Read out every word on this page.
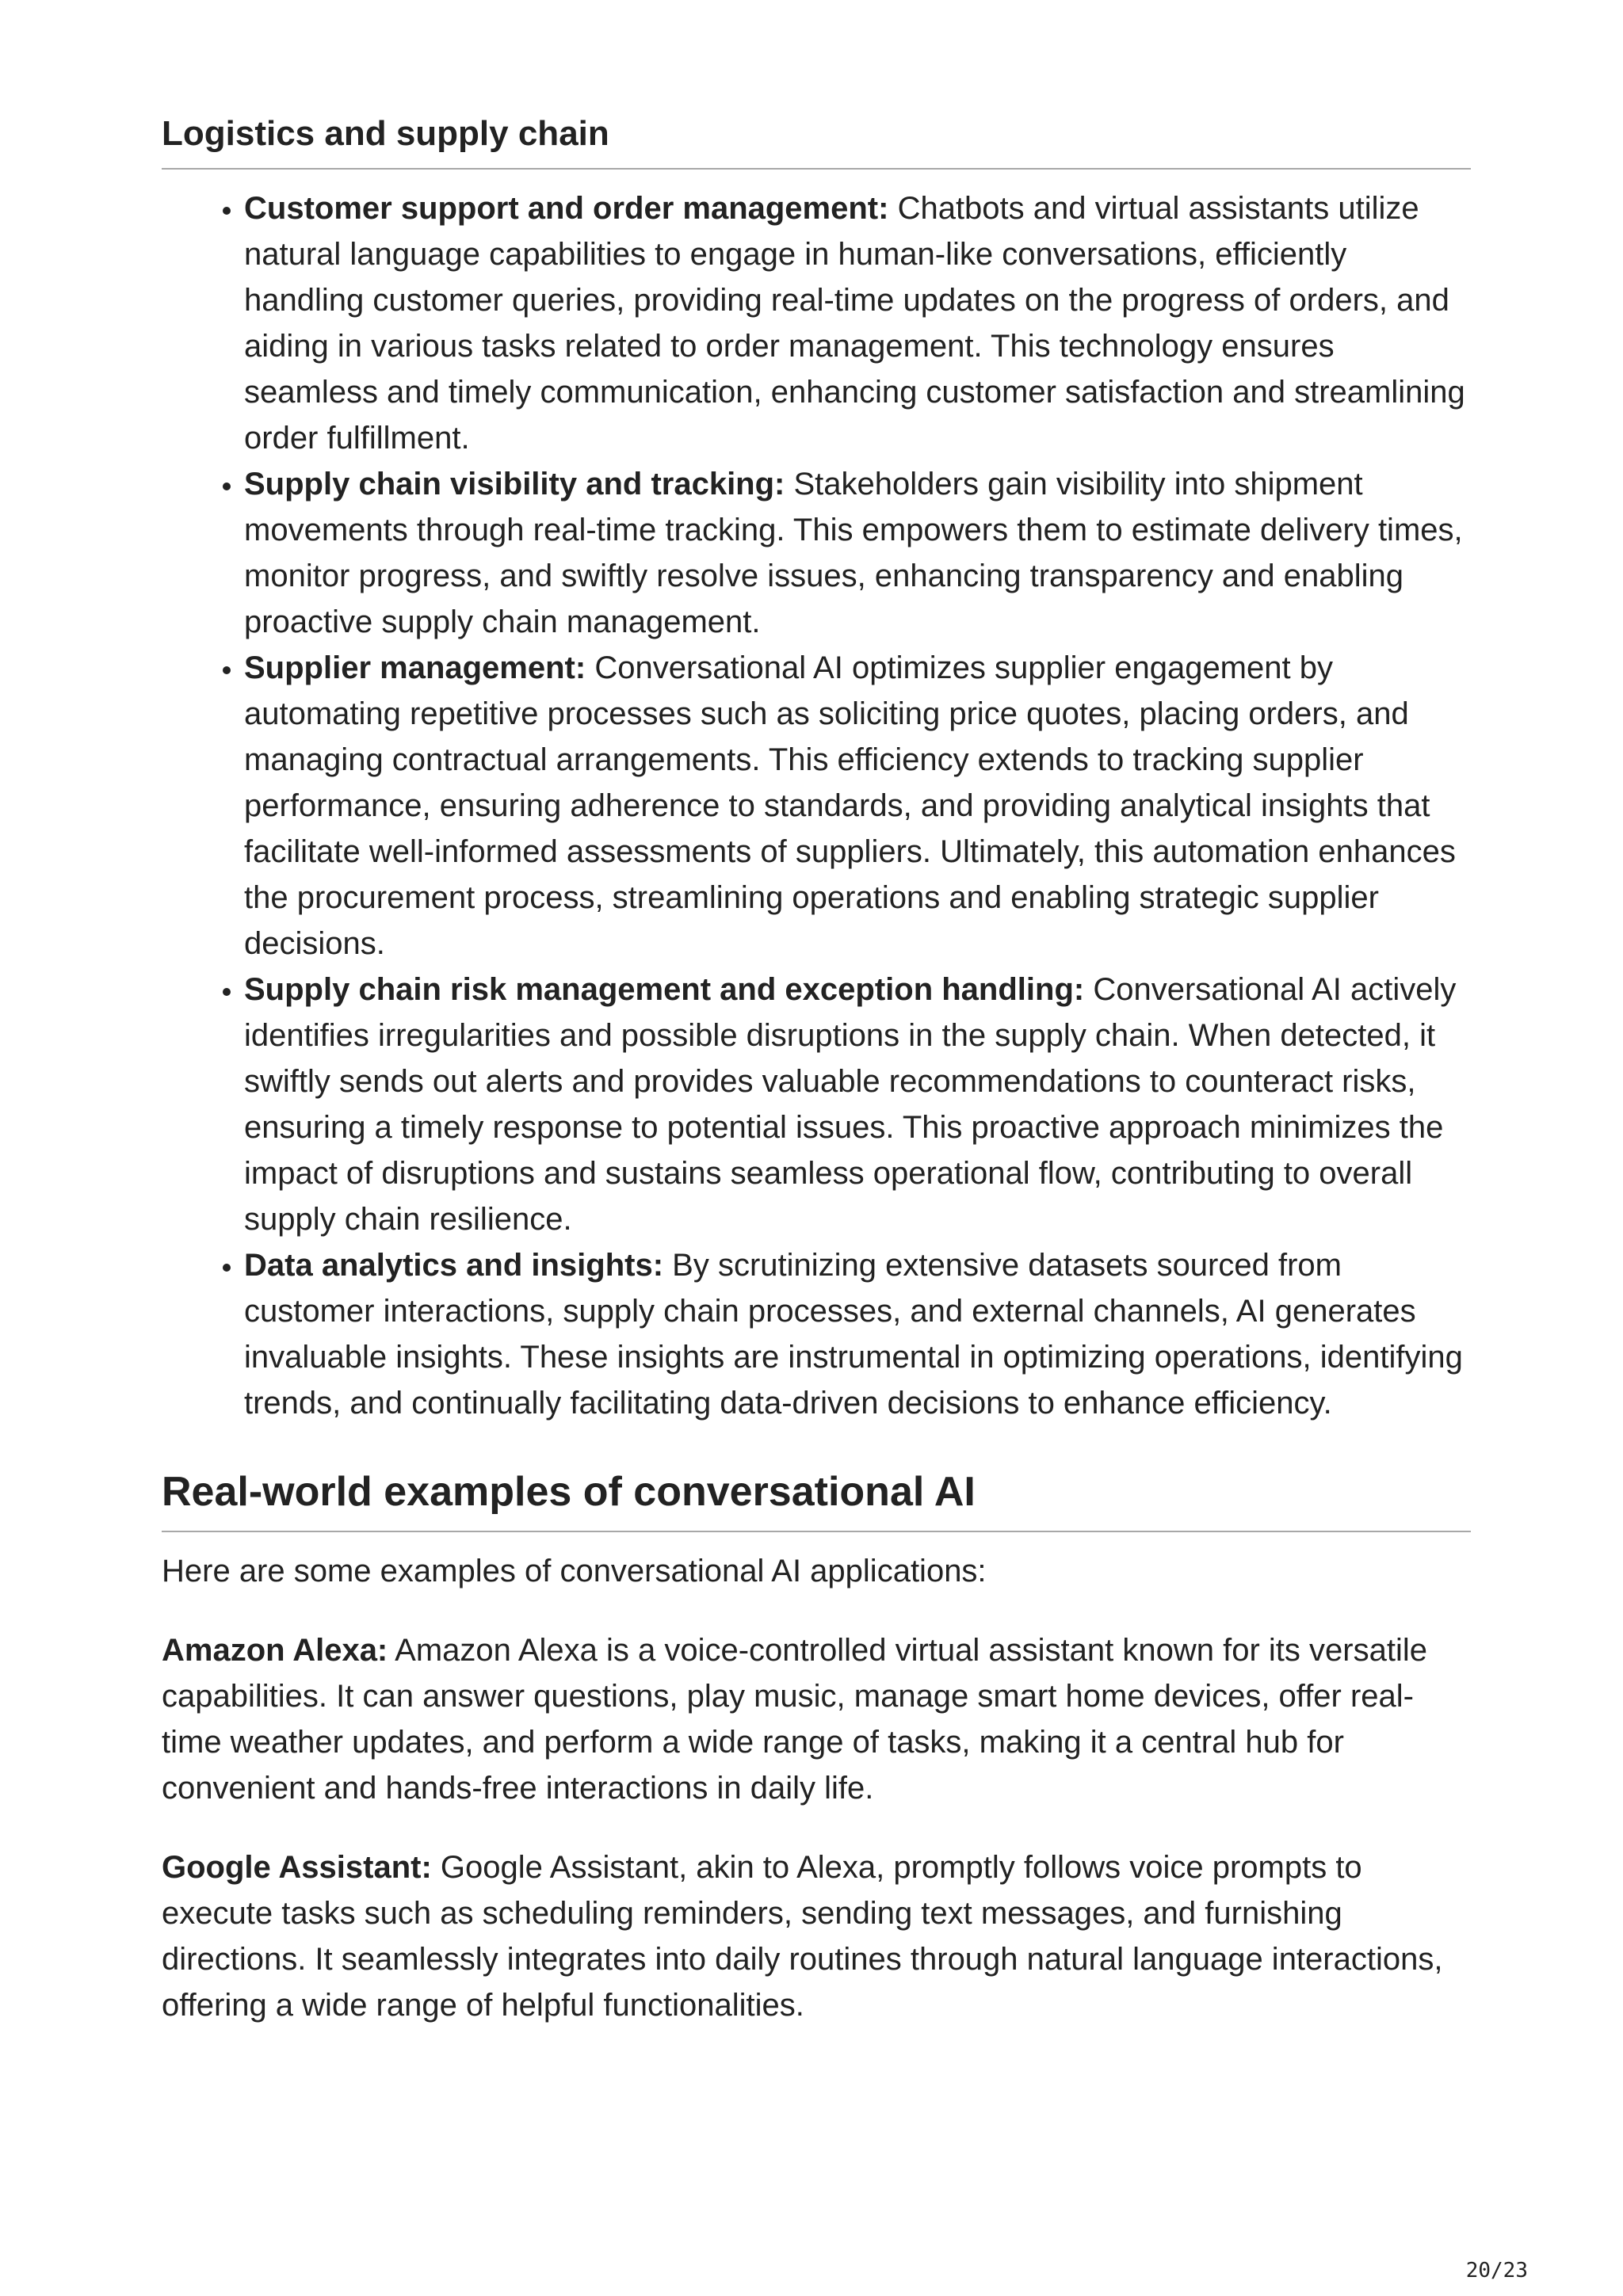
Logistics and supply chain
• Customer support and order management: Chatbots and virtual assistants utilize natural language capabilities to engage in human-like conversations, efficiently handling customer queries, providing real-time updates on the progress of orders, and aiding in various tasks related to order management. This technology ensures seamless and timely communication, enhancing customer satisfaction and streamlining order fulfillment.
• Supply chain visibility and tracking: Stakeholders gain visibility into shipment movements through real-time tracking. This empowers them to estimate delivery times, monitor progress, and swiftly resolve issues, enhancing transparency and enabling proactive supply chain management.
• Supplier management: Conversational AI optimizes supplier engagement by automating repetitive processes such as soliciting price quotes, placing orders, and managing contractual arrangements. This efficiency extends to tracking supplier performance, ensuring adherence to standards, and providing analytical insights that facilitate well-informed assessments of suppliers. Ultimately, this automation enhances the procurement process, streamlining operations and enabling strategic supplier decisions.
• Supply chain risk management and exception handling: Conversational AI actively identifies irregularities and possible disruptions in the supply chain. When detected, it swiftly sends out alerts and provides valuable recommendations to counteract risks, ensuring a timely response to potential issues. This proactive approach minimizes the impact of disruptions and sustains seamless operational flow, contributing to overall supply chain resilience.
• Data analytics and insights: By scrutinizing extensive datasets sourced from customer interactions, supply chain processes, and external channels, AI generates invaluable insights. These insights are instrumental in optimizing operations, identifying trends, and continually facilitating data-driven decisions to enhance efficiency.
Real-world examples of conversational AI

Here are some examples of conversational AI applications:

Amazon Alexa: Amazon Alexa is a voice-controlled virtual assistant known for its versatile capabilities. It can answer questions, play music, manage smart home devices, offer real-time weather updates, and perform a wide range of tasks, making it a central hub for convenient and hands-free interactions in daily life.

Google Assistant: Google Assistant, akin to Alexa, promptly follows voice prompts to execute tasks such as scheduling reminders, sending text messages, and furnishing directions. It seamlessly integrates into daily routines through natural language interactions, offering a wide range of helpful functionalities.

20/23
